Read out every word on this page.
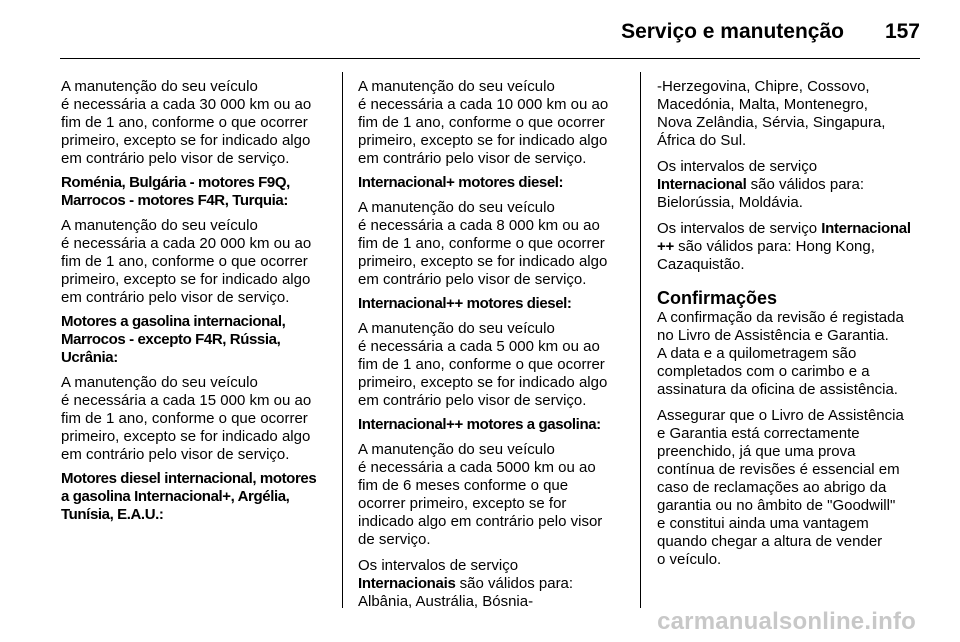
Serviço e manutenção 157
A manutenção do seu veículo
é necessária a cada 30 000 km ou ao
fim de 1 ano, conforme o que ocorrer
primeiro, excepto se for indicado algo
em contrário pelo visor de serviço.
Roménia, Bulgária - motores F9Q,
Marrocos - motores F4R, Turquia:
A manutenção do seu veículo
é necessária a cada 20 000 km ou ao
fim de 1 ano, conforme o que ocorrer
primeiro, excepto se for indicado algo
em contrário pelo visor de serviço.
Motores a gasolina internacional,
Marrocos - excepto F4R, Rússia,
Ucrânia:
A manutenção do seu veículo
é necessária a cada 15 000 km ou ao
fim de 1 ano, conforme o que ocorrer
primeiro, excepto se for indicado algo
em contrário pelo visor de serviço.
Motores diesel internacional, motores
a gasolina Internacional+, Argélia,
Tunísia, E.A.U.:
A manutenção do seu veículo
é necessária a cada 10 000 km ou ao
fim de 1 ano, conforme o que ocorrer
primeiro, excepto se for indicado algo
em contrário pelo visor de serviço.
Internacional+ motores diesel:
A manutenção do seu veículo
é necessária a cada 8 000 km ou ao
fim de 1 ano, conforme o que ocorrer
primeiro, excepto se for indicado algo
em contrário pelo visor de serviço.
Internacional++ motores diesel:
A manutenção do seu veículo
é necessária a cada 5 000 km ou ao
fim de 1 ano, conforme o que ocorrer
primeiro, excepto se for indicado algo
em contrário pelo visor de serviço.
Internacional++ motores a gasolina:
A manutenção do seu veículo
é necessária a cada 5000 km ou ao
fim de 6 meses conforme o que
ocorrer primeiro, excepto se for
indicado algo em contrário pelo visor
de serviço.
Os intervalos de serviço
Internacionais são válidos para:
Albânia, Austrália, Bósnia-
-Herzegovina, Chipre, Cossovo,
Macedónia, Malta, Montenegro,
Nova Zelândia, Sérvia, Singapura,
África do Sul.
Os intervalos de serviço
Internacional são válidos para:
Bielorússia, Moldávia.
Os intervalos de serviço Internacional
++ são válidos para: Hong Kong,
Cazaquistão.
Confirmações
A confirmação da revisão é registada
no Livro de Assistência e Garantia.
A data e a quilometragem são
completados com o carimbo e a
assinatura da oficina de assistência.
Assegurar que o Livro de Assistência
e Garantia está correctamente
preenchido, já que uma prova
contínua de revisões é essencial em
caso de reclamações ao abrigo da
garantia ou no âmbito de "Goodwill"
e constitui ainda uma vantagem
quando chegar a altura de vender
o veículo.
carmanualsonline.info
